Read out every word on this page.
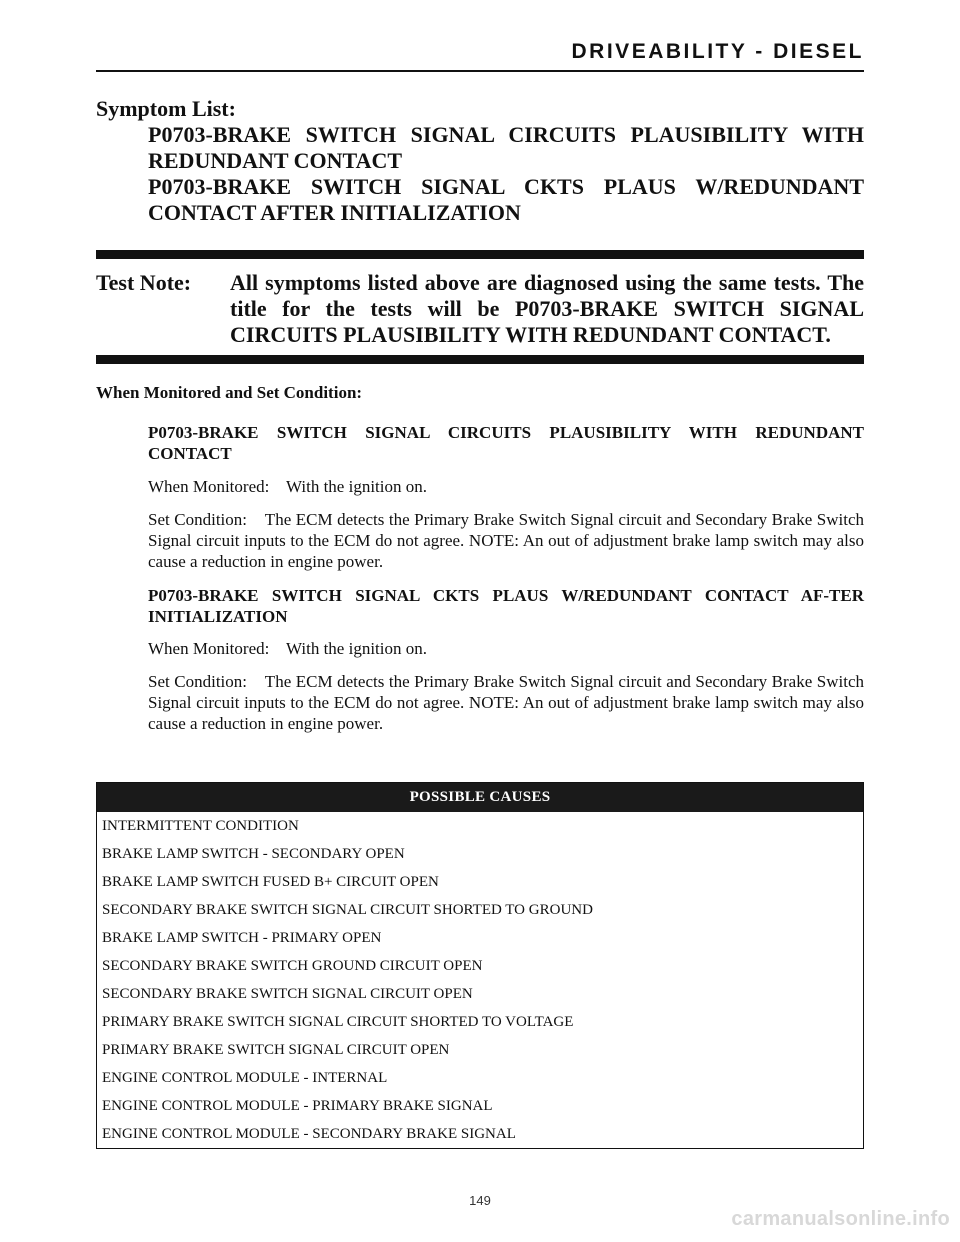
DRIVEABILITY - DIESEL
Symptom List:
P0703-BRAKE SWITCH SIGNAL CIRCUITS PLAUSIBILITY WITH REDUNDANT CONTACT
P0703-BRAKE SWITCH SIGNAL CKTS PLAUS W/REDUNDANT CONTACT AFTER INITIALIZATION
Test Note: All symptoms listed above are diagnosed using the same tests. The title for the tests will be P0703-BRAKE SWITCH SIGNAL CIRCUITS PLAUSIBILITY WITH REDUNDANT CONTACT.
When Monitored and Set Condition:
P0703-BRAKE SWITCH SIGNAL CIRCUITS PLAUSIBILITY WITH REDUNDANT CONTACT
When Monitored:    With the ignition on.
Set Condition:    The ECM detects the Primary Brake Switch Signal circuit and Secondary Brake Switch Signal circuit inputs to the ECM do not agree. NOTE: An out of adjustment brake lamp switch may also cause a reduction in engine power.
P0703-BRAKE SWITCH SIGNAL CKTS PLAUS W/REDUNDANT CONTACT AF-TER INITIALIZATION
When Monitored:    With the ignition on.
Set Condition:    The ECM detects the Primary Brake Switch Signal circuit and Secondary Brake Switch Signal circuit inputs to the ECM do not agree. NOTE: An out of adjustment brake lamp switch may also cause a reduction in engine power.
POSSIBLE CAUSES
INTERMITTENT CONDITION
BRAKE LAMP SWITCH - SECONDARY OPEN
BRAKE LAMP SWITCH FUSED B+ CIRCUIT OPEN
SECONDARY BRAKE SWITCH SIGNAL CIRCUIT SHORTED TO GROUND
BRAKE LAMP SWITCH - PRIMARY OPEN
SECONDARY BRAKE SWITCH GROUND CIRCUIT OPEN
SECONDARY BRAKE SWITCH SIGNAL CIRCUIT OPEN
PRIMARY BRAKE SWITCH SIGNAL CIRCUIT SHORTED TO VOLTAGE
PRIMARY BRAKE SWITCH SIGNAL CIRCUIT OPEN
ENGINE CONTROL MODULE - INTERNAL
ENGINE CONTROL MODULE - PRIMARY BRAKE SIGNAL
ENGINE CONTROL MODULE - SECONDARY BRAKE SIGNAL
149
carmanualsonline.info
